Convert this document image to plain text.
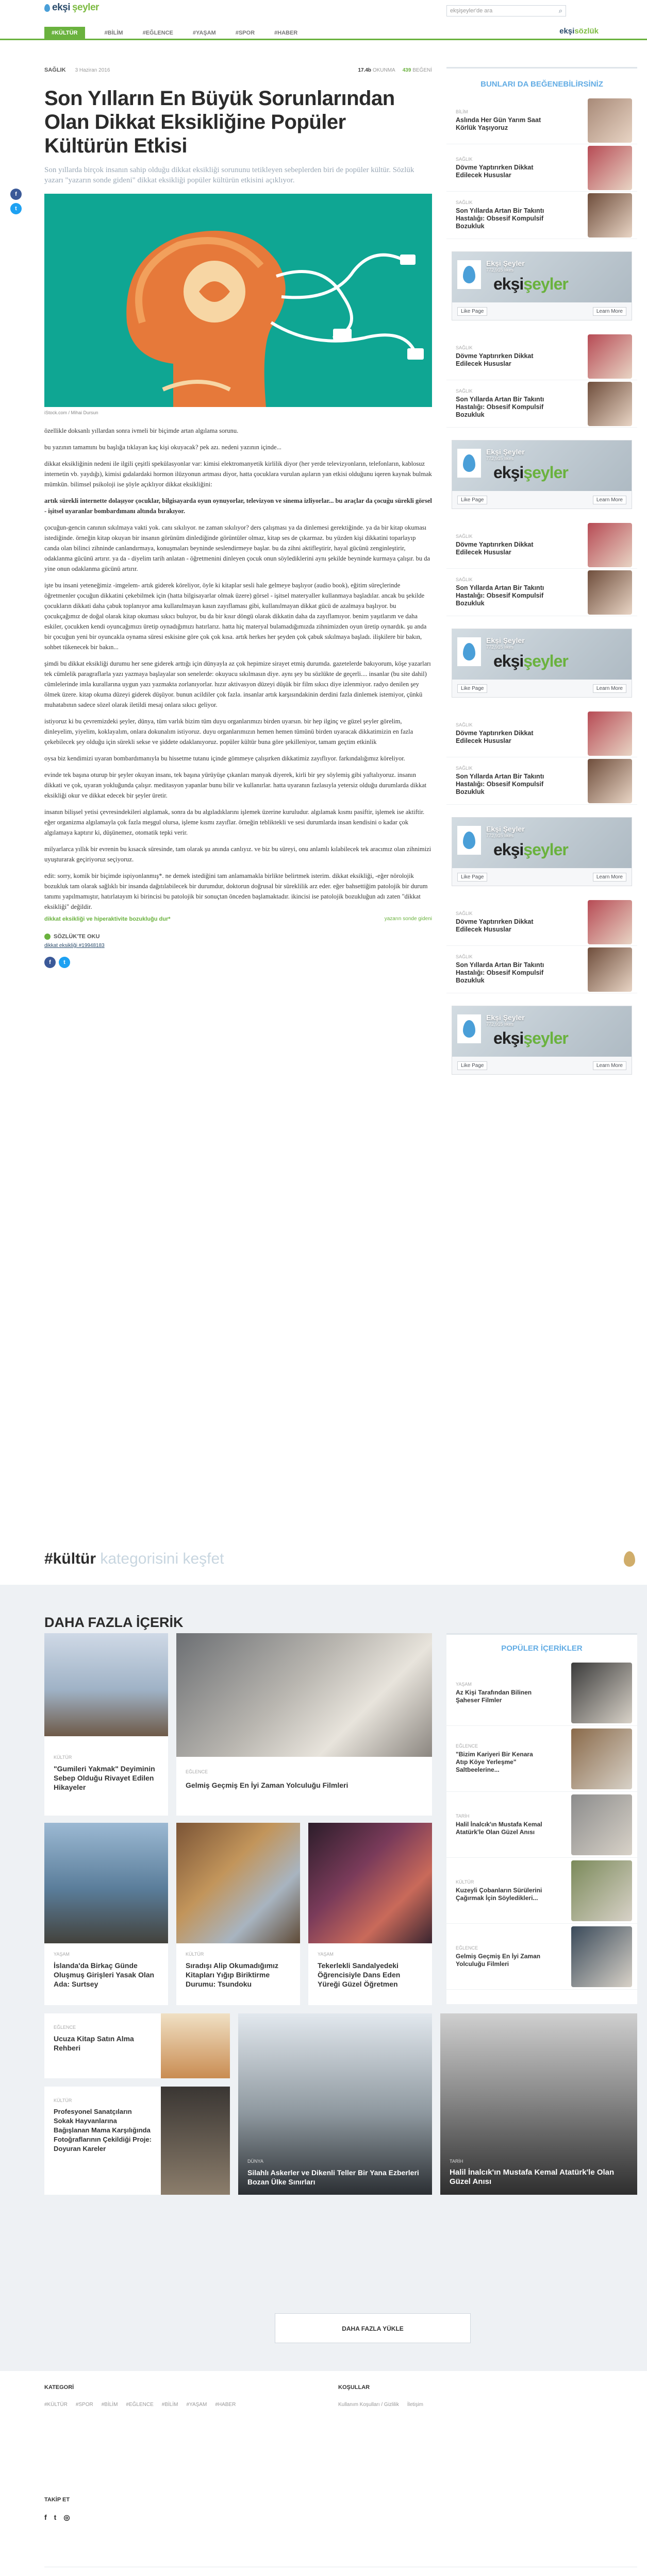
ekşi şeyler	ekşişeyler'de ara	⌕
#KÜLTÜR	#BİLİM	#EĞLENCE	#YAŞAM	#SPOR	#HABER	ekşisözlük
f
t
SAĞLIK 3 Haziran 2016	17.4b OKUNMA 439 BEĞENİ
Son Yılların En Büyük Sorunlarından Olan Dikkat Eksikliğine Popüler Kültürün Etkisi

Son yıllarda birçok insanın sahip olduğu dikkat eksikliği sorununu tetikleyen sebeplerden biri de popüler kültür. Sözlük yazarı "yazarın sonde gideni" dikkat eksikliği popüler kültürün etkisini açıklıyor.

iStock.com / Mihai Dursun

özellikle doksanlı yıllardan sonra ivmeli bir biçimde artan algılama sorunu.

bu yazının tamamını bu başlığa tıklayan kaç kişi okuyacak? pek azı. nedeni yazının içinde...

dikkat eksikliğinin nedeni ile ilgili çeşitli spekülasyonlar var: kimisi elektromanyetik kirlilik diyor (her yerde televizyonların, telefonların, kablosuz internetin vb. yaydığı), kimisi gıdalardaki hormon ilüzyonun artması diyor, hatta çocuklara vurulan aşıların yan etkisi olduğunu iqeren kaynak bulmak mümkün. bilimsel psikoloji ise şöyle açıklıyor dikkat eksikliğini:

artık sürekli internette dolaşıyor çocuklar, bilgisayarda oyun oynuyorlar, televizyon ve sinema izliyorlar... bu araçlar da çocuğu sürekli görsel - işitsel uyaranlar bombardımanı altında bırakıyor.

çocuğun-gencin canının sıkılmaya vakti yok. canı sıkılıyor. ne zaman sıkılıyor? ders çalışması ya da dinlemesi gerektiğinde. ya da bir kitap okuması istediğinde. örneğin kitap okuyan bir insanın görünüm dinlediğinde görüntüler olmaz, kitap ses de çıkarmaz. bu yüzden kişi dikkatini toparlayıp canda olan bilinci zihninde canlandırmaya, konuşmaları beyninde seslendirmeye başlar. bu da zihni aktifleştirir, hayal gücünü zenginleştirir, odaklanma gücünü artırır. ya da - diyelim tarih anlatan - öğretmenini dinleyen çocuk onun söylediklerini aynı şekilde beyninde kurmaya çalışır. bu da yine onun odaklanma gücünü artırır.

işte bu insani yeteneğimiz -imgelem- artık giderek köreliyor, öyle ki kitaplar sesli hale gelmeye başlıyor (audio book), eğitim süreçlerinde öğretmenler çocuğun dikkatini çekebilmek için (hatta bilgisayarlar olmak üzere) görsel - işitsel materyaller kullanmaya başladılar. ancak bu şekilde çocukların dikkati daha çabuk toplanıyor ama kullanılmayan kasın zayıflaması gibi, kullanılmayan dikkat gücü de azalmaya başlıyor. bu çocukçağımız de doğal olarak kitap okuması sıkıcı buluyor, bu da bir kısır döngü olarak dikkatin daha da zayıflamıyor. benim yaşıtlarım ve daha eskiler, çocukken kendi oyuncağımızı üretip oynadığımızı hatırlarız. hatta hiç materyal bulamadığımızda zihnimizden oyun üretip oynardık. şu anda bir çocuğun yeni bir oyuncakla oynama süresi eskisine göre çok çok kısa. artık herkes her şeyden çok çabuk sıkılmaya başladı. ilişkilere bir bakın, sohbet tükenecek bir bakın...

şimdi bu dikkat eksikliği durumu her sene giderek arttığı için dünyayla az çok hepimize sirayet etmiş durumda. gazetelerde bakıyorum, köşe yazarları tek cümlelik paragraflarla yazı yazmaya başlayalar son senelerde: okuyucu sıkılmasın diye. aynı şey bu sözlükte de geçerli.... insanlar (bu site dahil) cümlelerinde imla kurallarına uygun yazı yazmakta zorlanıyorlar. hızır aktivasyon düzeyi düşük bir film sıkıcı diye izlenmiyor. radyo denilen şey ölmek üzere. kitap okuma düzeyi giderek düşüyor. bunun acildiler çok fazla. insanlar artık karşısındakinin derdini fazla dinlemek istemiyor, çünkü muhatabının sadece sözel olarak iletildi mesaj onlara sıkıcı geliyor.

istiyoruz ki bu çevremizdeki şeyler, dünya, tüm varlık bizim tüm duyu organlarımızı birden uyarsın. bir hep ilginç ve güzel şeyler görelim, dinleyelim, yiyelim, koklayalım, onlara dokunalım istiyoruz. duyu organlarımızın hemen hemen tümünü birden uyaracak dikkatimizin en fazla çekebilecek şey olduğu için sürekli sekse ve şiddete odaklanıyoruz. popüler kültür buna göre şekilleniyor, tamam geçtim etkinlik

oysa biz kendimizi uyaran bombardımanıyla bu hissetme tutanu içinde gömmeye çalışırken dikkatimiz zayıflıyor. farkındalığımız köreliyor.

evinde tek başına oturup bir şeyler okuyan insanı, tek başına yürüyüşe çıkanları manyak diyerek, kirli bir şey söylemiş gibi yaftalıyoruz. insanın dikkati ve çok, uyaran yokluğunda çalışır. meditasyon yapanlar bunu bilir ve kullanırlar. hatta uyaranın fazlasıyla yetersiz olduğu durumlarda dikkat eksikliği okur ve dikkat edecek bir şeyler üretir.

insanın bilişsel yetisi çevresindekileri algılamak, sonra da bu algıladıklarını işlemek üzerine kuruludur. algılamak kısmı pasiftir, işlemek ise aktiftir. eğer organizma algılamayla çok fazla meşgul olursa, işleme kısmı zayıflar. örneğin tebliktekli ve sesi durumlarda insan kendisini o kadar çok algılamaya kaptırır ki, düşünemez, otomatik tepki verir.

milyarlarca yıllık bir evrenin bu kısacık süresinde, tam olarak şu anında canlıyız. ve biz bu süreyi, onu anlamlı kılabilecek tek aracımız olan zihnimizi uyuşturarak geçiriyoruz seçiyoruz.

edit: sorry, komik bir biçimde ispiyonlanmış*. ne demek istediğini tam anlamamakla birlikte belirtmek isterim. dikkat eksikliği, -eğer nörolojik bozukluk tam olarak sağlıklı bir insanda dağıtılabilecek bir durumdur, doktorun doğrusal bir süreklilik arz eder. eğer bahsettiğim patolojik bir durum tanımı yapılmamıştır, hatırlatayım ki birincisi bu patolojik bir sonuçtan önceden başlamaktadır. ikincisi ise patolojik bozukluğun adı zaten "dikkat eksikliği" değildir.

dikkat eksikliği ve hiperaktivite bozukluğu dur*	yazarın sonde gideni
SÖZLÜK'TE OKU
dikkat eksikliği #19948183
f	t
BUNLARI DA BEĞENEBİLİRSİNİZ
BİLİM
Aslında Her Gün Yarım Saat Körlük Yaşıyoruz
SAĞLIK
Dövme Yaptırırken Dikkat Edilecek Hususlar
SAĞLIK
Son Yıllarda Artan Bir Takıntı Hastalığı: Obsesif Kompulsif Bozukluk
Ekşi Şeyler
772,915 likes
ekşişeyler
Like Page	Learn More
SAĞLIK
Dövme Yaptırırken Dikkat Edilecek Hususlar
SAĞLIK
Son Yıllarda Artan Bir Takıntı Hastalığı: Obsesif Kompulsif Bozukluk
Ekşi Şeyler
772,915 likes
ekşişeyler
Like Page	Learn More
SAĞLIK
Dövme Yaptırırken Dikkat Edilecek Hususlar
SAĞLIK
Son Yıllarda Artan Bir Takıntı Hastalığı: Obsesif Kompulsif Bozukluk
Ekşi Şeyler
772,915 likes
ekşişeyler
Like Page	Learn More
SAĞLIK
Dövme Yaptırırken Dikkat Edilecek Hususlar
SAĞLIK
Son Yıllarda Artan Bir Takıntı Hastalığı: Obsesif Kompulsif Bozukluk
Ekşi Şeyler
772,915 likes
ekşişeyler
Like Page	Learn More
SAĞLIK
Dövme Yaptırırken Dikkat Edilecek Hususlar
SAĞLIK
Son Yıllarda Artan Bir Takıntı Hastalığı: Obsesif Kompulsif Bozukluk
Ekşi Şeyler
772,915 likes
ekşişeyler
Like Page	Learn More
#kültür kategorisini keşfet
DAHA FAZLA İÇERİK
KÜLTÜR
"Gumileri Yakmak" Deyiminin Sebep Olduğu Rivayet Edilen Hikayeler
EĞLENCE
Gelmiş Geçmiş En İyi Zaman Yolculuğu Filmleri
YAŞAM
İslanda'da Birkaç Günde Oluşmuş Girişleri Yasak Olan Ada: Surtsey
KÜLTÜR
Sıradışı Alip Okumadığımız Kitapları Yığıp Biriktirme Durumu: Tsundoku
YAŞAM
Tekerlekli Sandalyedeki Öğrencisiyle Dans Eden Yüreği Güzel Öğretmen
EĞLENCE
Ucuza Kitap Satın Alma Rehberi
KÜLTÜR
Profesyonel Sanatçıların Sokak Hayvanlarına Bağışlanan Mama Karşılığında Fotoğraflarının Çekildiği Proje: Doyuran Kareler
DÜNYA
Silahlı Askerler ve Dikenli Teller Bir Yana Ezberleri Bozan Ülke Sınırları
TARİH
Halil İnalcık'ın Mustafa Kemal Atatürk'le Olan Güzel Anısı
POPÜLER İÇERİKLER
YAŞAM
Az Kişi Tarafından Bilinen Şaheser Filmler
EĞLENCE
"Bizim Kariyeri Bir Kenara Atıp Köye Yerleşme" Saltbeelerine...
TARİH
Halil İnalcık'ın Mustafa Kemal Atatürk'le Olan Güzel Anısı
KÜLTÜR
Kuzeyli Çobanların Sürülerini Çağırmak İçin Söyledikleri...
EĞLENCE
Gelmiş Geçmiş En İyi Zaman Yolculuğu Filmleri
DAHA FAZLA YÜKLE
KATEGORİ
#KÜLTÜR #SPOR #BİLİM #EĞLENCE #BİLİM #YAŞAM #HABER
KOŞULLAR
Kullanım Koşulları / Gizlilik İletişim
TAKİP ET
f t ◎
